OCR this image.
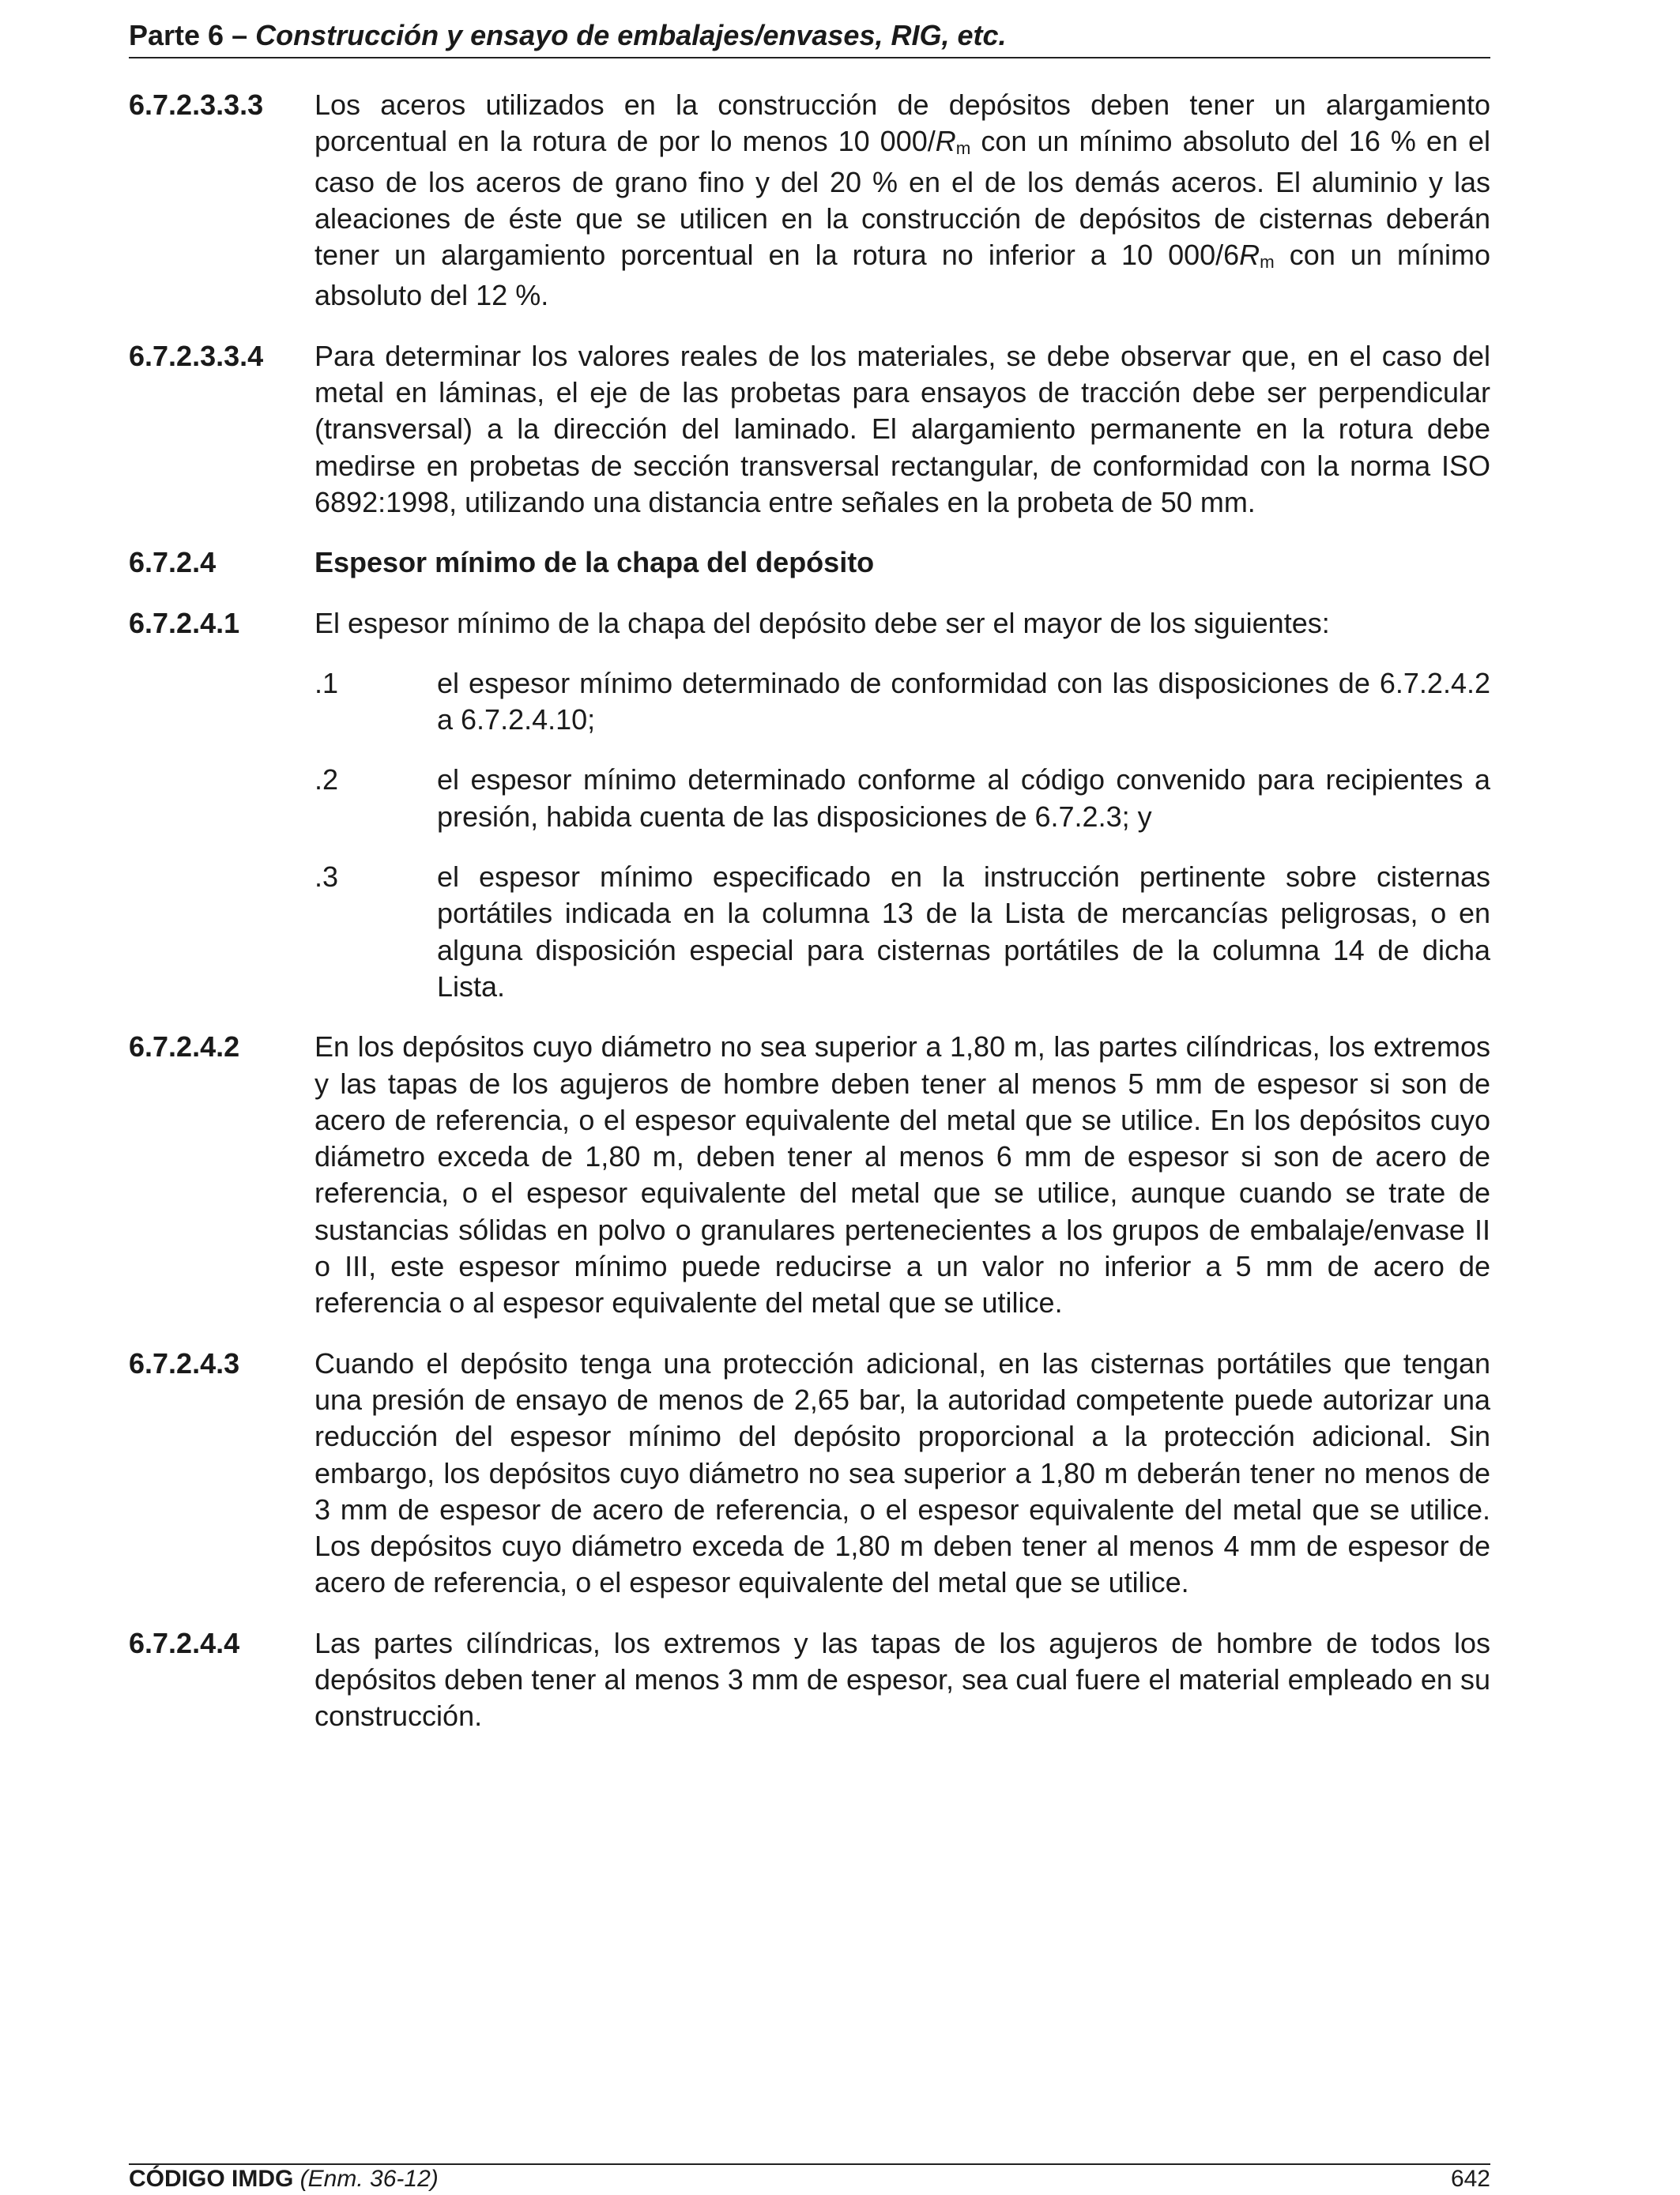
Parte 6 – Construcción y ensayo de embalajes/envases, RIG, etc.
6.7.2.3.3.3	Los aceros utilizados en la construcción de depósitos deben tener un alargamiento porcentual en la rotura de por lo menos 10 000/Rm con un mínimo absoluto del 16 % en el caso de los aceros de grano fino y del 20 % en el de los demás aceros. El aluminio y las aleaciones de éste que se utilicen en la construcción de depósitos de cisternas deberán tener un alargamiento porcentual en la rotura no inferior a 10 000/6Rm con un mínimo absoluto del 12 %.
6.7.2.3.3.4	Para determinar los valores reales de los materiales, se debe observar que, en el caso del metal en láminas, el eje de las probetas para ensayos de tracción debe ser perpendicular (transversal) a la dirección del laminado. El alargamiento permanente en la rotura debe medirse en probetas de sección transversal rectangular, de conformidad con la norma ISO 6892:1998, utilizando una distancia entre señales en la probeta de 50 mm.
6.7.2.4	Espesor mínimo de la chapa del depósito
6.7.2.4.1	El espesor mínimo de la chapa del depósito debe ser el mayor de los siguientes:
.1	el espesor mínimo determinado de conformidad con las disposiciones de 6.7.2.4.2 a 6.7.2.4.10;
.2	el espesor mínimo determinado conforme al código convenido para recipientes a presión, habida cuenta de las disposiciones de 6.7.2.3; y
.3	el espesor mínimo especificado en la instrucción pertinente sobre cisternas portátiles indicada en la columna 13 de la Lista de mercancías peligrosas, o en alguna disposición especial para cisternas portátiles de la columna 14 de dicha Lista.
6.7.2.4.2	En los depósitos cuyo diámetro no sea superior a 1,80 m, las partes cilíndricas, los extremos y las tapas de los agujeros de hombre deben tener al menos 5 mm de espesor si son de acero de referencia, o el espesor equivalente del metal que se utilice. En los depósitos cuyo diámetro exceda de 1,80 m, deben tener al menos 6 mm de espesor si son de acero de referencia, o el espesor equivalente del metal que se utilice, aunque cuando se trate de sustancias sólidas en polvo o granulares pertenecientes a los grupos de embalaje/envase II o III, este espesor mínimo puede reducirse a un valor no inferior a 5 mm de acero de referencia o al espesor equivalente del metal que se utilice.
6.7.2.4.3	Cuando el depósito tenga una protección adicional, en las cisternas portátiles que tengan una presión de ensayo de menos de 2,65 bar, la autoridad competente puede autorizar una reducción del espesor mínimo del depósito proporcional a la protección adicional. Sin embargo, los depósitos cuyo diámetro no sea superior a 1,80 m deberán tener no menos de 3 mm de espesor de acero de referencia, o el espesor equivalente del metal que se utilice. Los depósitos cuyo diámetro exceda de 1,80 m deben tener al menos 4 mm de espesor de acero de referencia, o el espesor equivalente del metal que se utilice.
6.7.2.4.4	Las partes cilíndricas, los extremos y las tapas de los agujeros de hombre de todos los depósitos deben tener al menos 3 mm de espesor, sea cual fuere el material empleado en su construcción.
CÓDIGO IMDG (Enm. 36-12)	642
